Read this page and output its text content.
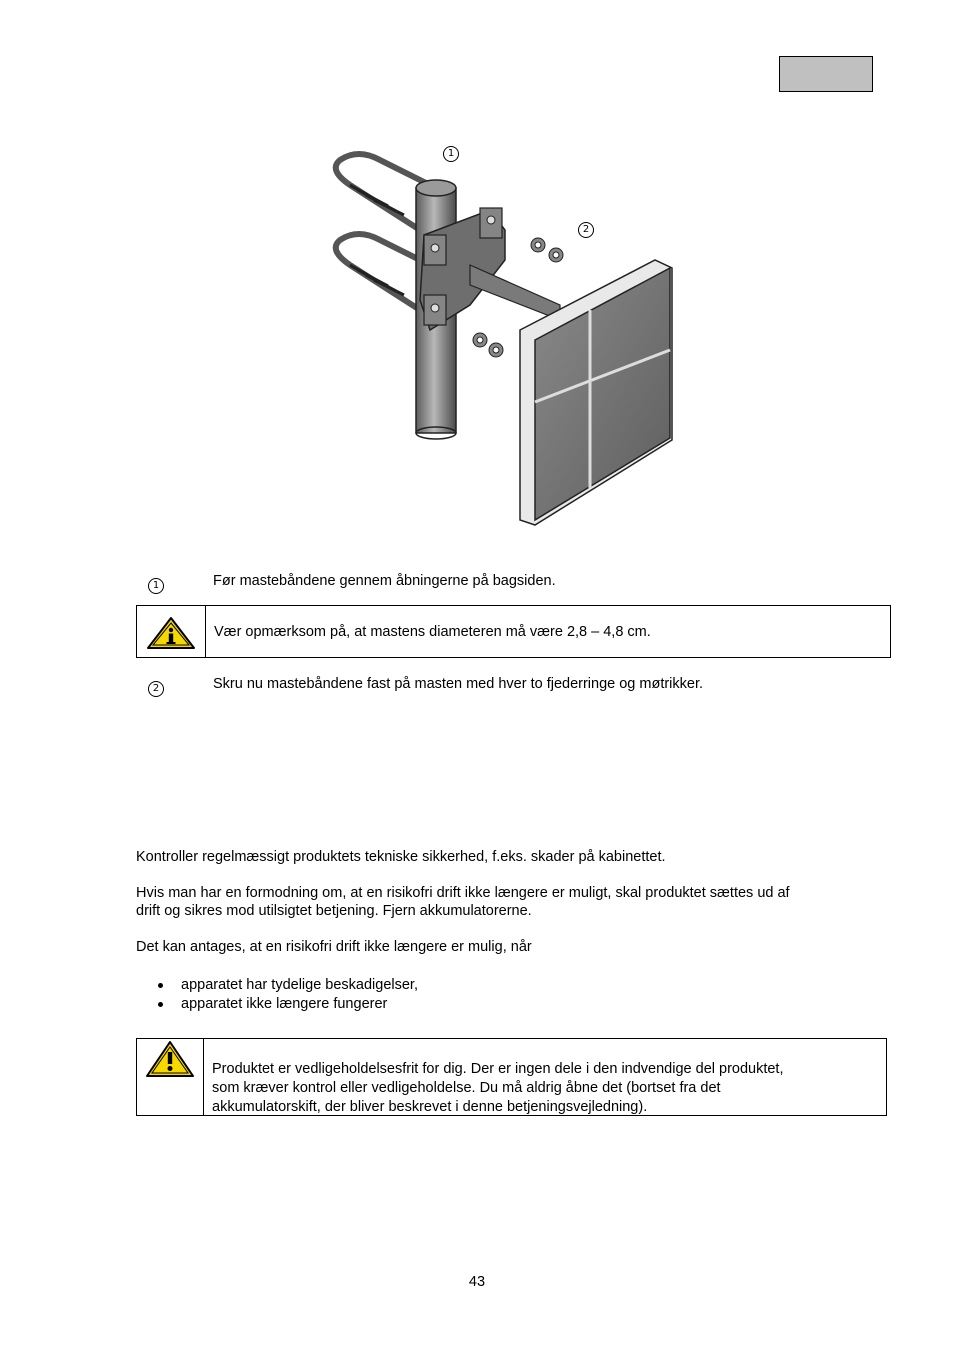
1
2
1	Før mastebåndene gennem åbningerne på bagsiden.
Vær opmærksom på, at mastens diameteren må være 2,8 – 4,8 cm.
2	Skru nu mastebåndene fast på masten med hver to fjederringe og møtrikker.

Kontroller regelmæssigt produktets tekniske sikkerhed, f.eks. skader på kabinettet.

Hvis man har en formodning om, at en risikofri drift ikke længere er muligt, skal produktet sættes ud af

drift og sikres mod utilsigtet betjening. Fjern akkumulatorerne.

Det kan antages, at en risikofri drift ikke længere er mulig, når

apparatet har tydelige beskadigelser,
apparatet ikke længere fungerer
Produktet er vedligeholdelsesfrit for dig. Der er ingen dele i den indvendige del produktet,
som kræver kontrol eller vedligeholdelse. Du må aldrig åbne det (bortset fra det
akkumulatorskift, der bliver beskrevet i denne betjeningsvejledning).
43
